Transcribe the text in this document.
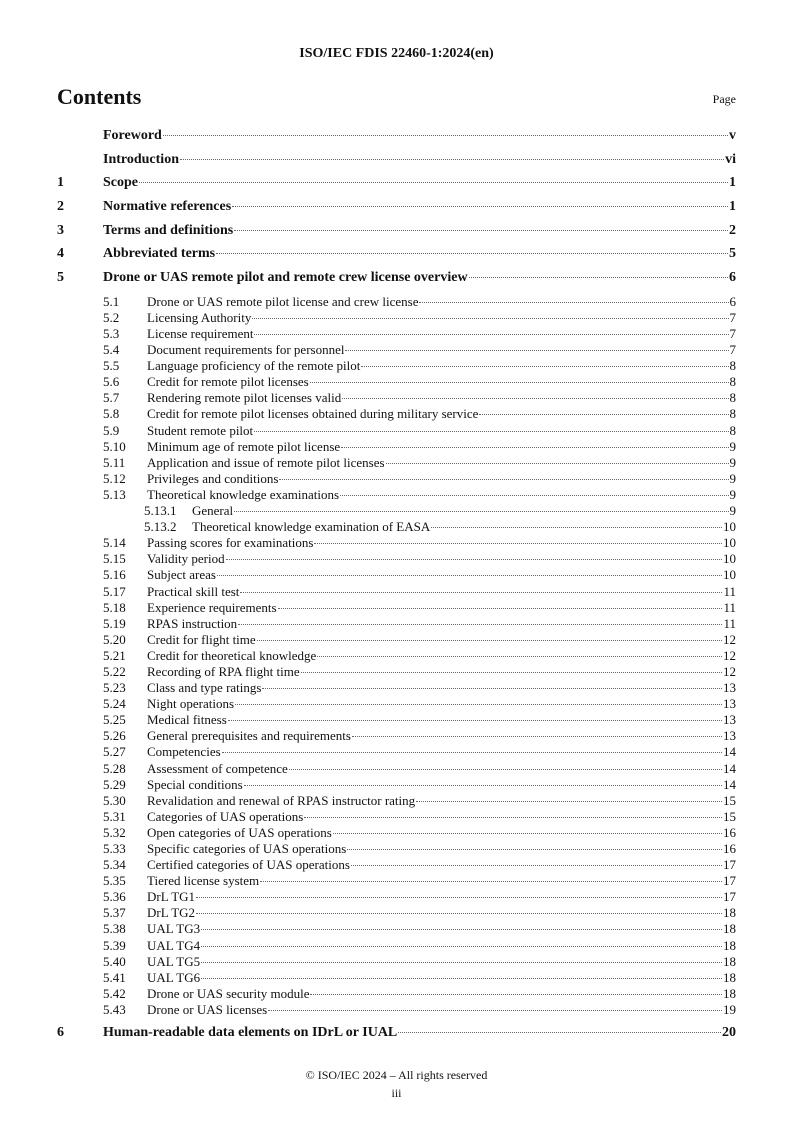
ISO/IEC FDIS 22460-1:2024(en)
Contents	Page
Foreword	v
Introduction	vi
1	Scope	1
2	Normative references	1
3	Terms and definitions	2
4	Abbreviated terms	5
5	Drone or UAS remote pilot and remote crew license overview	6
5.1	Drone or UAS remote pilot license and crew license	6
5.2	Licensing Authority	7
5.3	License requirement	7
5.4	Document requirements for personnel	7
5.5	Language proficiency of the remote pilot	8
5.6	Credit for remote pilot licenses	8
5.7	Rendering remote pilot licenses valid	8
5.8	Credit for remote pilot licenses obtained during military service	8
5.9	Student remote pilot	8
5.10	Minimum age of remote pilot license	9
5.11	Application and issue of remote pilot licenses	9
5.12	Privileges and conditions	9
5.13	Theoretical knowledge examinations	9
5.13.1	General	9
5.13.2	Theoretical knowledge examination of EASA	10
5.14	Passing scores for examinations	10
5.15	Validity period	10
5.16	Subject areas	10
5.17	Practical skill test	11
5.18	Experience requirements	11
5.19	RPAS instruction	11
5.20	Credit for flight time	12
5.21	Credit for theoretical knowledge	12
5.22	Recording of RPA flight time	12
5.23	Class and type ratings	13
5.24	Night operations	13
5.25	Medical fitness	13
5.26	General prerequisites and requirements	13
5.27	Competencies	14
5.28	Assessment of competence	14
5.29	Special conditions	14
5.30	Revalidation and renewal of RPAS instructor rating	15
5.31	Categories of UAS operations	15
5.32	Open categories of UAS operations	16
5.33	Specific categories of UAS operations	16
5.34	Certified categories of UAS operations	17
5.35	Tiered license system	17
5.36	DrL TG1	17
5.37	DrL TG2	18
5.38	UAL TG3	18
5.39	UAL TG4	18
5.40	UAL TG5	18
5.41	UAL TG6	18
5.42	Drone or UAS security module	18
5.43	Drone or UAS licenses	19
6	Human-readable data elements on IDrL or IUAL	20
© ISO/IEC 2024 – All rights reserved
iii
